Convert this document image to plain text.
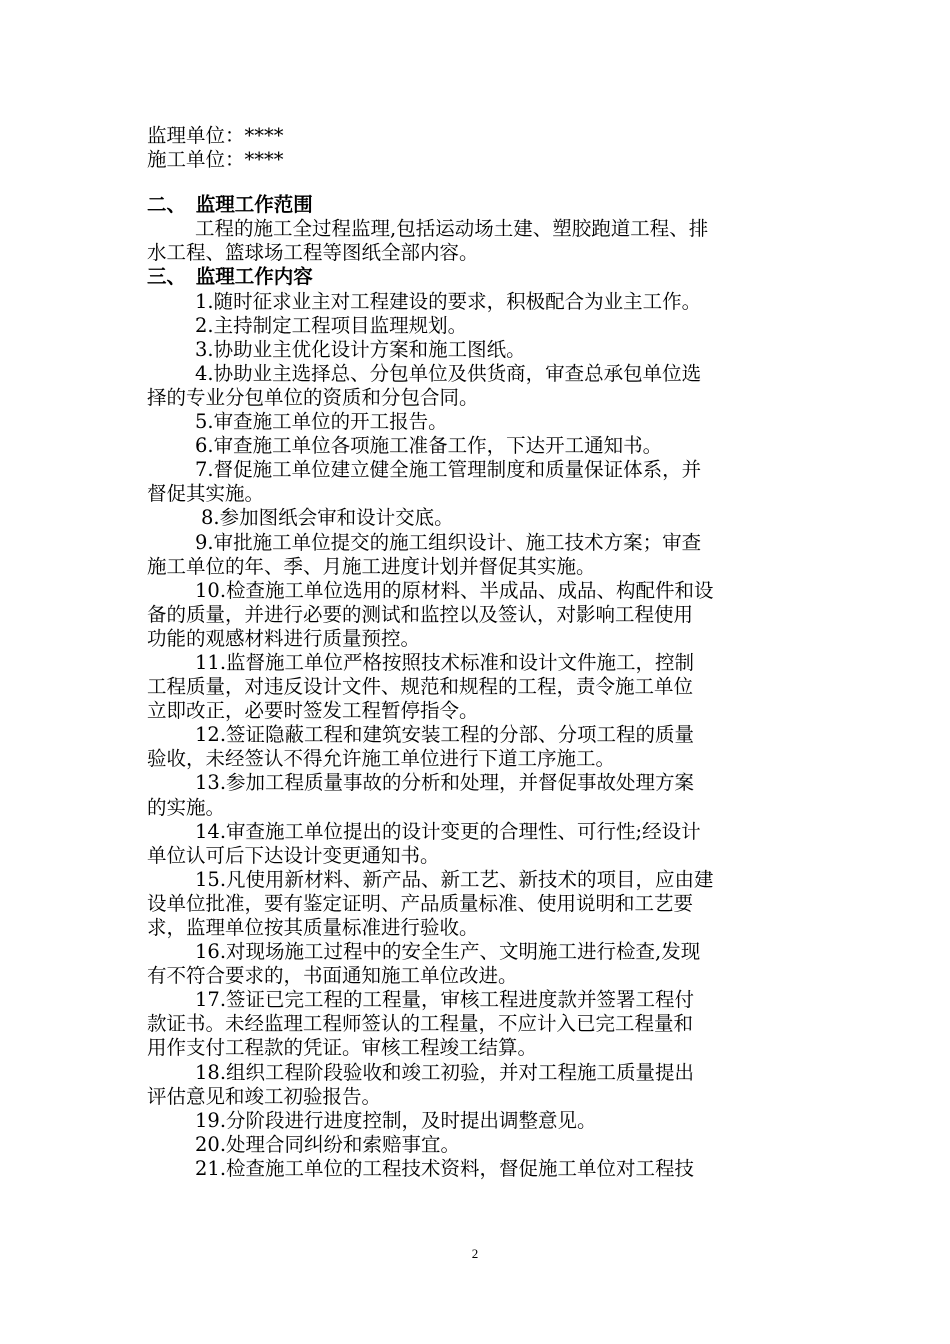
监理单位：****
施工单位：****
二、　监理工作范围
工程的施工全过程监理,包括运动场土建、塑胶跑道工程、排
水工程、篮球场工程等图纸全部内容。
三、　监理工作内容
1.随时征求业主对工程建设的要求，积极配合为业主工作。
2.主持制定工程项目监理规划。
3.协助业主优化设计方案和施工图纸。
4.协助业主选择总、分包单位及供货商，审查总承包单位选
择的专业分包单位的资质和分包合同。
5.审查施工单位的开工报告。
6.审查施工单位各项施工准备工作，下达开工通知书。
7.督促施工单位建立健全施工管理制度和质量保证体系，并
督促其实施。
8.参加图纸会审和设计交底。
9.审批施工单位提交的施工组织设计、施工技术方案；审查
施工单位的年、季、月施工进度计划并督促其实施。
10.检查施工单位选用的原材料、半成品、成品、构配件和设
备的质量，并进行必要的测试和监控以及签认，对影响工程使用
功能的观感材料进行质量预控。
11.监督施工单位严格按照技术标准和设计文件施工，控制
工程质量，对违反设计文件、规范和规程的工程，责令施工单位
立即改正，必要时签发工程暂停指令。
12.签证隐蔽工程和建筑安装工程的分部、分项工程的质量
验收，未经签认不得允许施工单位进行下道工序施工。
13.参加工程质量事故的分析和处理，并督促事故处理方案
的实施。
14.审查施工单位提出的设计变更的合理性、可行性;经设计
单位认可后下达设计变更通知书。
15.凡使用新材料、新产品、新工艺、新技术的项目，应由建
设单位批准，要有鉴定证明、产品质量标准、使用说明和工艺要
求，监理单位按其质量标准进行验收。
16.对现场施工过程中的安全生产、文明施工进行检查,发现
有不符合要求的，书面通知施工单位改进。
17.签证已完工程的工程量，审核工程进度款并签署工程付
款证书。未经监理工程师签认的工程量，不应计入已完工程量和
用作支付工程款的凭证。审核工程竣工结算。
18.组织工程阶段验收和竣工初验，并对工程施工质量提出
评估意见和竣工初验报告。
19.分阶段进行进度控制，及时提出调整意见。
20.处理合同纠纷和索赔事宜。
21.检查施工单位的工程技术资料，督促施工单位对工程技
2
